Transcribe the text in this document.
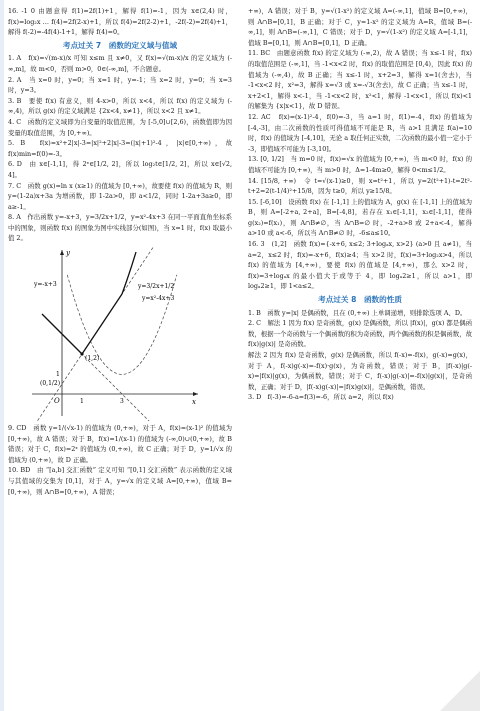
16. -1 0 由题意得 f(1)=2f(1)+1，解得 f(1)=-1，因为 x∈(2,4) 时，f(x)=log₂x … f(4)=2f(2-x)+1，所以 f(4)=2f(2-2)+1，-2f(-2)=2f(4)+1，解得 f(-2)=-4f(4)-1+1，解得 f(4)=0。

考点过关 7　函数的定义域与值域

1. A　f(x)=√(m-x)/x 可知 x≤m 且 x≠0，又 f(x)=√(m-x)/x 的定义域为 (-∞,m]，故 m<0，否则 m>0，0∈(-∞,m]，不合题意。

2. A　当 x=0 时，y=0；当 x=1 时，y=-1；当 x=2 时，y=0；当 x=3 时，y=3。

3. B　要使 f(x) 有意义，则 4-x>0，所以 x<4，所以 f(x) 的定义域为 (-∞,4)，所以 g(x) 的定义域满足 {2x<4, x≠1}，所以 x<2 且 x≠1。

4. C　函数的定义域即为自变量的取值范围，为 [-5,0]∪[2,6)，函数值即为因变量的取值范围，为 [0,+∞)。

5. B　f(x)=x²+2|x|-3=|x|²+2|x|-3=(|x|+1)²-4，|x|∈[0,+∞)，故 f(x)min=f(0)=-3。

6. D　由 x∈[-1,1]，得 2ˣ∈[1/2, 2]，所以 log₂t∈[1/2, 2]，所以 x∈[√2, 4]。

7. C　函数 g(x)=ln x (x≥1) 的值域为 [0,+∞)，故要使 f(x) 的值域为 R，则 y=(1-2a)x+3a 为增函数，即 1-2a>0，即 a<1/2，同时 1-2a+3a≥0，即 a≥-1。

8. A　作出函数 y=-x+3，y=3/2x+1/2，y=x²-4x+3 在同一平面直角坐标系中的图象，则函数 f(x) 的图象为图中实线部分(如图)，当 x=1 时，f(x) 取最小值 2。

y
x
O	1	3
1
(1,2)
(0,1/2)
y=-x+3	y=3/2x+1/2
y=x²-4x+3

9. CD　函数 y=1/(√x-1) 的值域为 (0,+∞)，对于 A，f(x)=(x-1)² 的值域为 [0,+∞)，故 A 错误；对于 B，f(x)=1/(x-1) 的值域为 (-∞,0)∪(0,+∞)，故 B 错误；对于 C，f(x)=2ˣ 的值域为 (0,+∞)，故 C 正确；对于 D，y=1/√x 的值域为 (0,+∞)，故 D 正确。

10. BD　由 “[a,b] 交汇函数” 定义可知 “[0,1] 交汇函数” 表示函数的定义域与其值域的交集为 [0,1]，对于 A，y=√x 的定义域 A=[0,+∞)，值域 B=[0,+∞)，则 A∩B=[0,+∞)，A 错误；

+∞)，A 错误；对于 B，y=√(1-x²) 的定义域 A=(-∞,1]，值域 B=[0,+∞)，则 A∩B=[0,1]，B 正确；对于 C，y=1-x² 的定义域为 A=R，值域 B=(-∞,1]，则 A∩B=(-∞,1]，C 错误；对于 D，y=√(1-x²) 的定义域 A=[-1,1]，值域 B=[0,1]，则 A∩B=[0,1]，D 正确。

11. BC　由题意函数 f(x) 的定义域为 (-∞,2)，故 A 错误；当 x≤-1 时，f(x) 的取值范围是 (-∞,1]，当 -1<x<2 时，f(x) 的取值范围是 [0,4)，因此 f(x) 的值域为 (-∞,4)，故 B 正确；当 x≤-1 时，x+2=3，解得 x=1(舍去)，当 -1<x<2 时，x²=3，解得 x=√3 或 x=-√3(舍去)，故 C 正确；当 x≤-1 时，x+2<1，解得 x<-1，当 -1<x<2 时，x²<1，解得 -1<x<1，所以 f(x)<1 的解集为 {x|x<1}，故 D 错误。

12. AC　f(x)=(x-1)²-4，f(0)=-3，当 a=1 时，f(1)=-4，f(x) 的值域为 [-4,-3]，由二次函数的性质可得值域不可能是 R，当 a>1 且满足 f(a)=10 时，f(x) 的值域为 [-4,10]，无论 a 取任何正实数，二次函数的最小值一定小于 -3，即值域不可能为 [-3,10]。

13. [0, 1/2]　当 m=0 时，f(x)=√x 的值域为 [0,+∞)，当 m<0 时，f(x) 的值域不可能为 [0,+∞)，当 m>0 时，Δ=1-4m≥0，解得 0<m≤1/2。

14. [15/8, +∞)　令 t=√(x-1)≥0，则 x=t²+1，所以 y=2(t²+1)-t=2t²-t+2=2(t-1/4)²+15/8，因为 t≥0，所以 y≥15/8。

15. [-6,10]　设函数 f(x) 在 [-1,1] 上的值域为 A，g(x) 在 [-1,1] 上的值域为 B，则 A=[-2+a, 2+a]，B=[-4,8]，若存在 x₁∈[-1,1]，x₂∈[-1,1]，使得 g(x₂)=f(x₁)，则 A∩B≠∅，当 A∩B=∅ 时，-2+a>8 或 2+a<-4，解得 a>10 或 a<-6，所以当 A∩B≠∅ 时，-6≤a≤10。

16. 3　(1,2]　函数 f(x)={-x+6, x≤2; 3+logₐx, x>2} (a>0 且 a≠1)，当 a=2，x≤2 时，f(x)=-x+6，f(x)≥4；当 x>2 时，f(x)=3+log₂x>4，所以 f(x) 的值域为 [4,+∞)，要使 f(x) 的值域是 [4,+∞)，那么 x>2 时，f(x)=3+logₐx 的最小值大于或等于 4，即 logₐ2≥1，所以 a>1，即 logₐ2≥1，即 1<a≤2。

考点过关 8　函数的性质

1. B　函数 y=|x| 是偶函数，且在 (0,+∞) 上单调递增，则排除选项 A、D。

2. C　解法 1 因为 f(x) 是奇函数，g(x) 是偶函数，所以 |f(x)|，g(x) 都是偶函数，根据一个奇函数与一个偶函数的积为奇函数，两个偶函数的积是偶函数，故 f(x)|g(x)| 是奇函数。

解法 2 因为 f(x) 是奇函数，g(x) 是偶函数，所以 f(-x)=-f(x)，g(-x)=g(x)，对于 A，f(-x)g(-x)=-f(x)·g(x)，为奇函数，错误；对于 B，|f(-x)|g(-x)=|f(x)|g(x)，为偶函数，错误；对于 C，f(-x)|g(-x)|=-f(x)|g(x)|，是奇函数，正确；对于 D，|f(-x)g(-x)|=|f(x)g(x)|，是偶函数，错误。

3. D　f(-3)=-6-a=f(3)=-6，所以 a=2，所以 f(x)
